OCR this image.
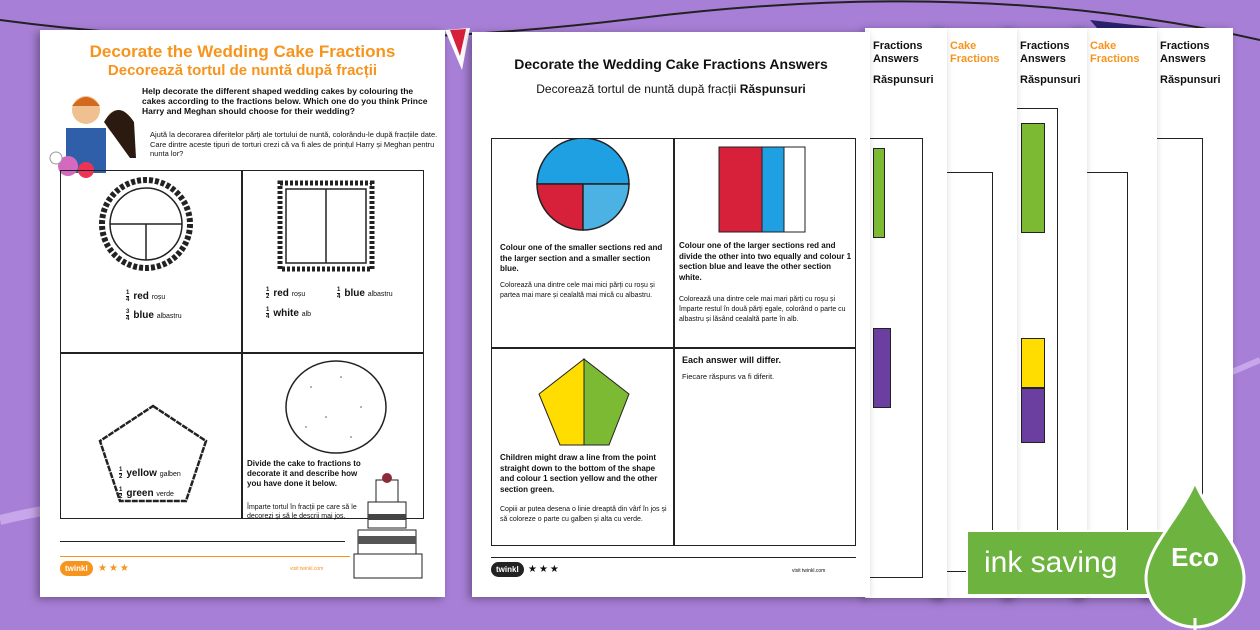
Fractions Answers
Răspunsuri
Cake Fractions
Fractions Answers
Răspunsuri
Cake Fractions
Fractions Answers
Răspunsuri
Decorate the Wedding Cake Fractions
Decorează tortul de nuntă după fracții
Help decorate the different shaped wedding cakes by colouring the cakes according to the fractions below. Which one do you think Prince Harry and Meghan should choose for their wedding?
Ajută la decorarea diferitelor părți ale tortului de nuntă, colorându-le după fracțiile date. Care dintre aceste tipuri de torturi crezi că va fi ales de prințul Harry și Meghan pentru nunta lor?
$\frac{1}{4}$ red roșu
$\frac{3}{4}$ blue albastru
$\frac{1}{2}$ red roșu	$\frac{1}{4}$ blue albastru
$\frac{1}{4}$ white alb
$\frac{1}{2}$ yellow galben
$\frac{1}{2}$ green verde
Divide the cake to fractions to decorate it and describe how you have done it below.
Împarte tortul în fracții pe care să le decorezi și să le descrii mai jos.
twinkl	★★★	visit twinkl.com
Decorate the Wedding Cake Fractions Answers
Decorează tortul de nuntă după fracții Răspunsuri
Colour one of the smaller sections red and the larger section and a smaller section blue.
Colorează una dintre cele mai mici părți cu roșu și partea mai mare și cealaltă mai mică cu albastru.
Colour one of the larger sections red and divide the other into two equally and colour 1 section blue and leave the other section white.
Colorează una dintre cele mai mari părți cu roșu și împarte restul în două părți egale, colorând o parte cu albastru și lăsând cealaltă parte în alb.
Children might draw a line from the point straight down to the bottom of the shape and colour 1 section yellow and the other section green.
Copiii ar putea desena o linie dreaptă din vârf în jos și să coloreze o parte cu galben și alta cu verde.
Each answer will differ.
Fiecare răspuns va fi diferit.
twinkl ★★★	visit twinkl.com	ink saving	Eco
